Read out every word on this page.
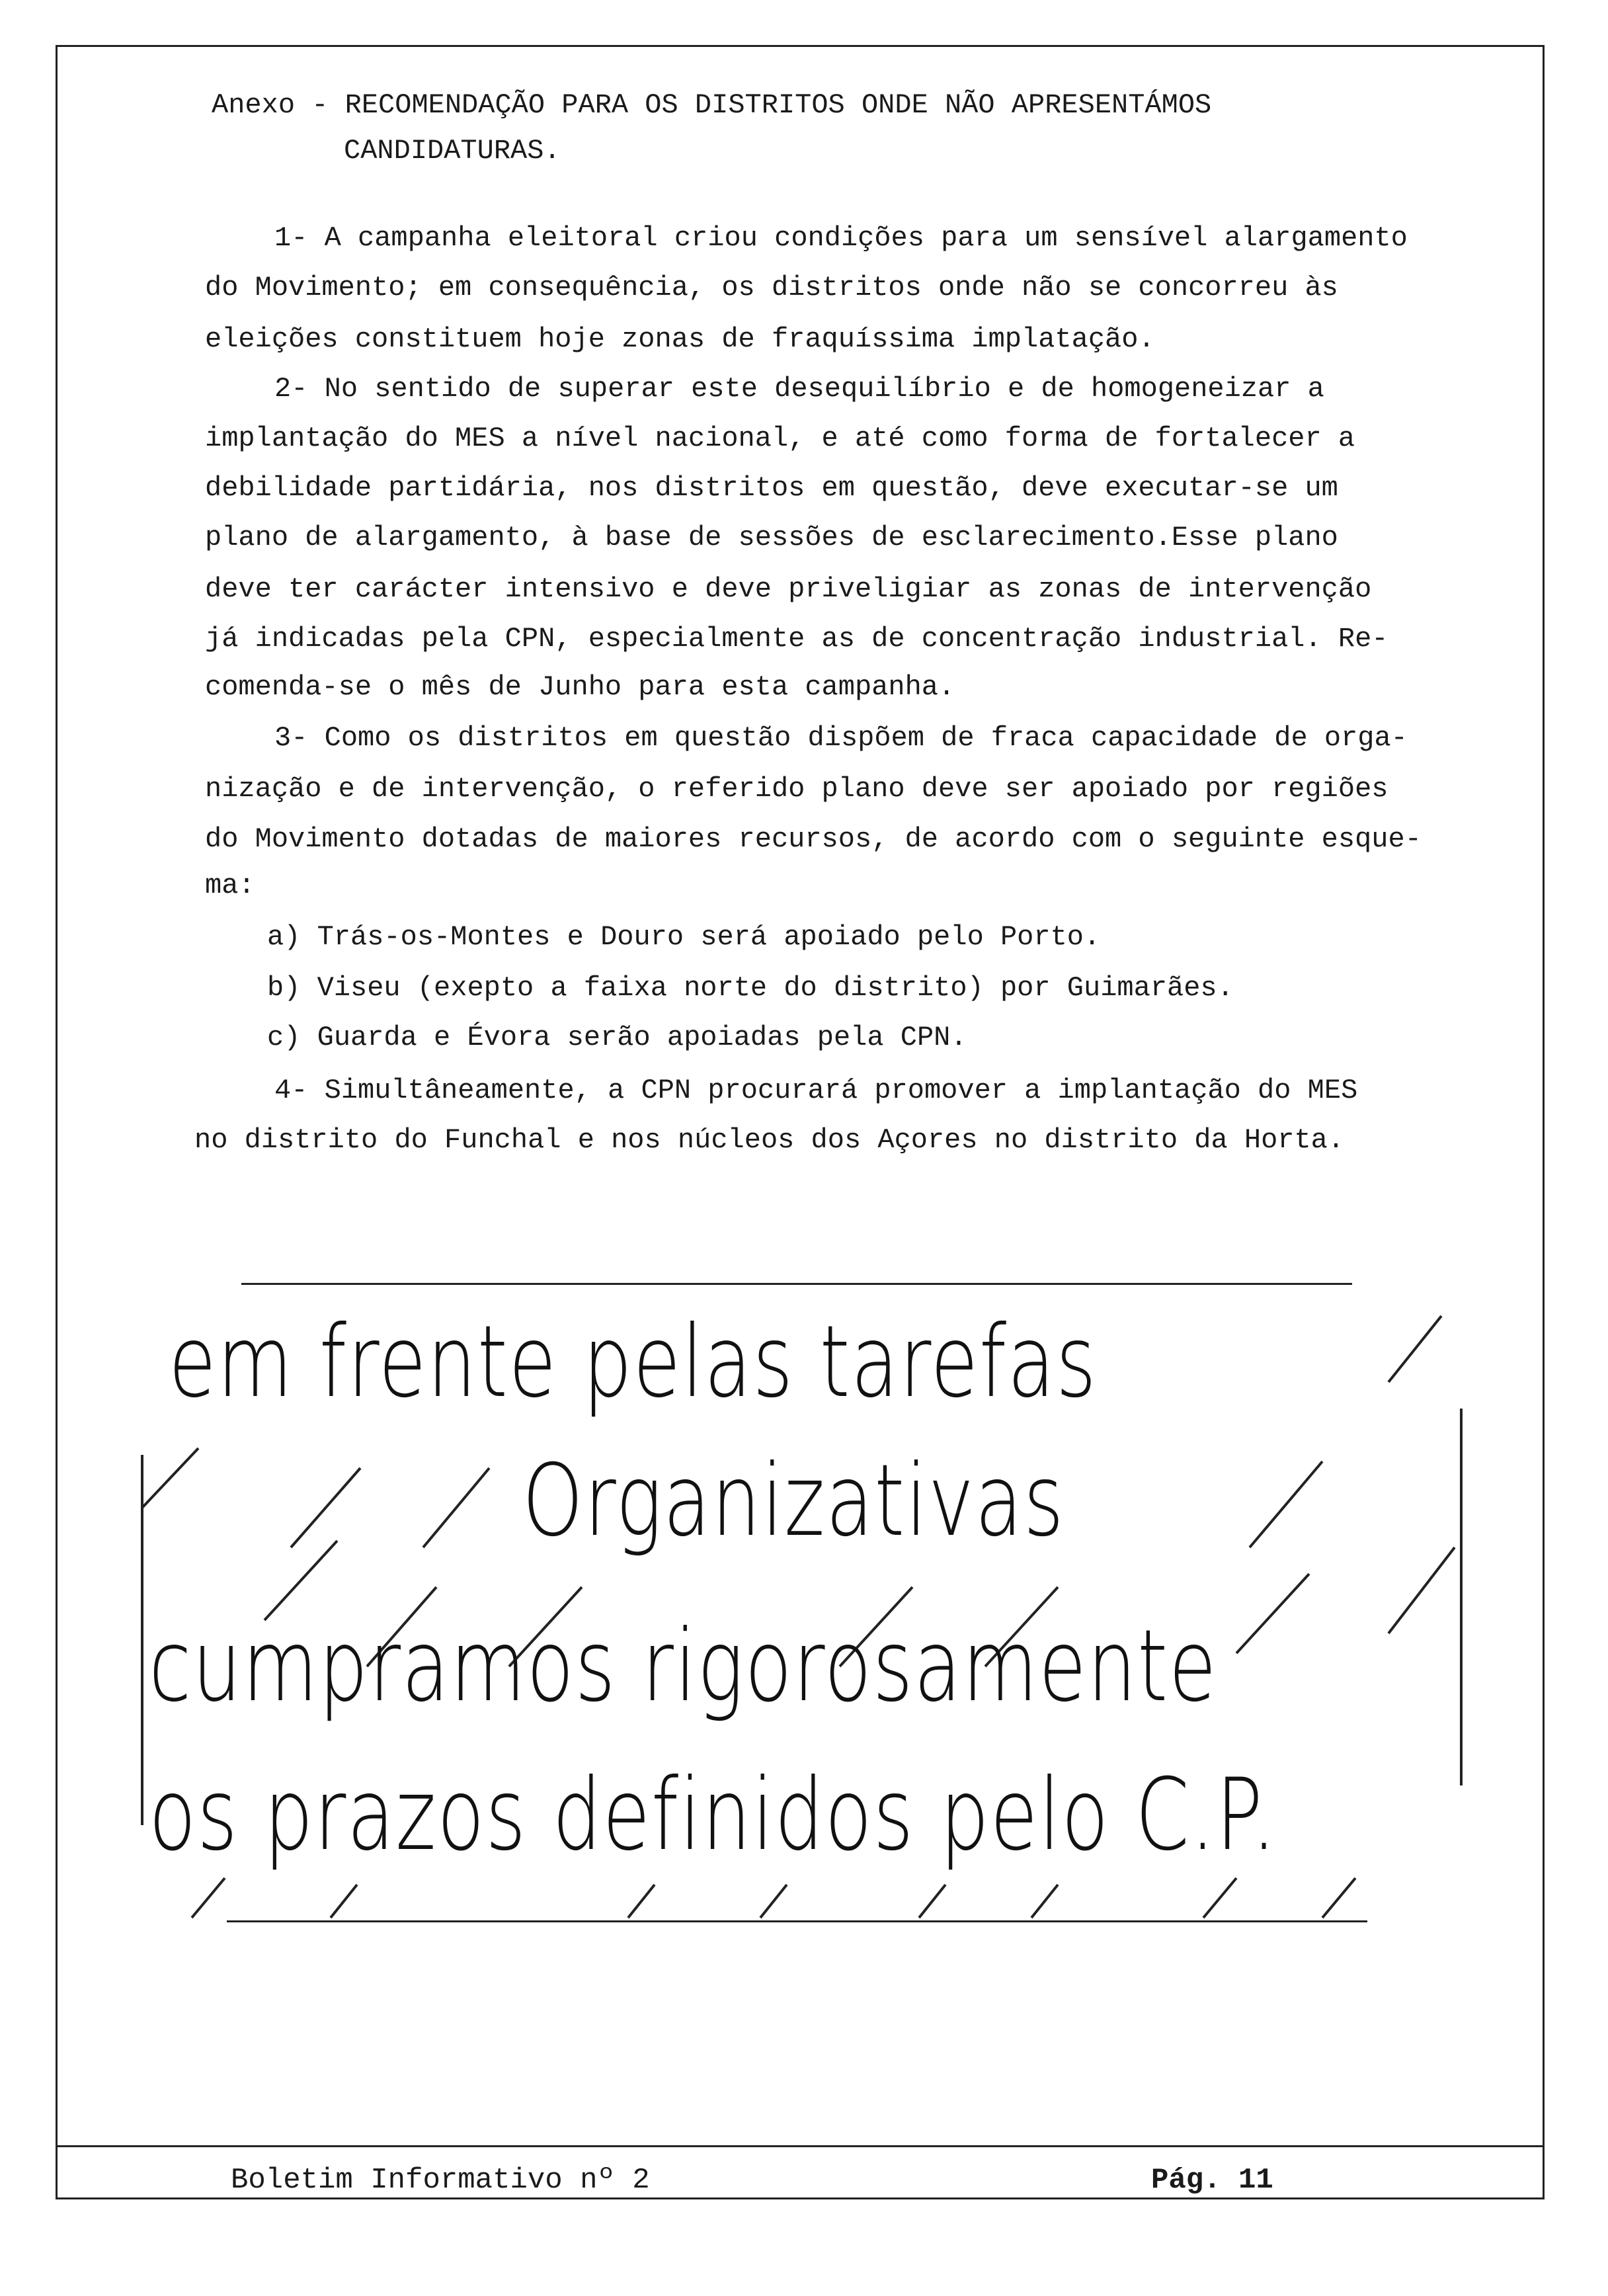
Anexo - RECOMENDAÇÃO PARA OS DISTRITOS ONDE NÃO APRESENTÁMOS
CANDIDATURAS.
1- A campanha eleitoral criou condições para um sensível alargamento
do Movimento; em consequência, os distritos onde não se concorreu às
eleições constituem hoje zonas de fraquíssima implatação.
2- No sentido de superar este desequilíbrio e de homogeneizar a
implantação do MES a nível nacional, e até como forma de fortalecer a
debilidade partidária, nos distritos em questão, deve executar-se um
plano de alargamento, à base de sessões de esclarecimento.Esse plano
deve ter carácter intensivo e deve priveligiar as zonas de intervenção
já indicadas pela CPN, especialmente as de concentração industrial. Re-
comenda-se o mês de Junho para esta campanha.
3- Como os distritos em questão dispõem de fraca capacidade de orga-
nização e de intervenção, o referido plano deve ser apoiado por regiões
do Movimento dotadas de maiores recursos, de acordo com o seguinte esque-
ma:
a) Trás-os-Montes e Douro será apoiado pelo Porto.
b) Viseu (exepto a faixa norte do distrito) por Guimarães.
c) Guarda e Évora serão apoiadas pela CPN.
4- Simultâneamente, a CPN procurará promover a implantação do MES
no distrito do Funchal e nos núcleos dos Açores no distrito da Horta.
em frente pelas tarefas
Organizativas
cumpramos rigorosamente
os prazos definidos pelo C.P.
Boletim Informativo nº 2	Pág. 11
